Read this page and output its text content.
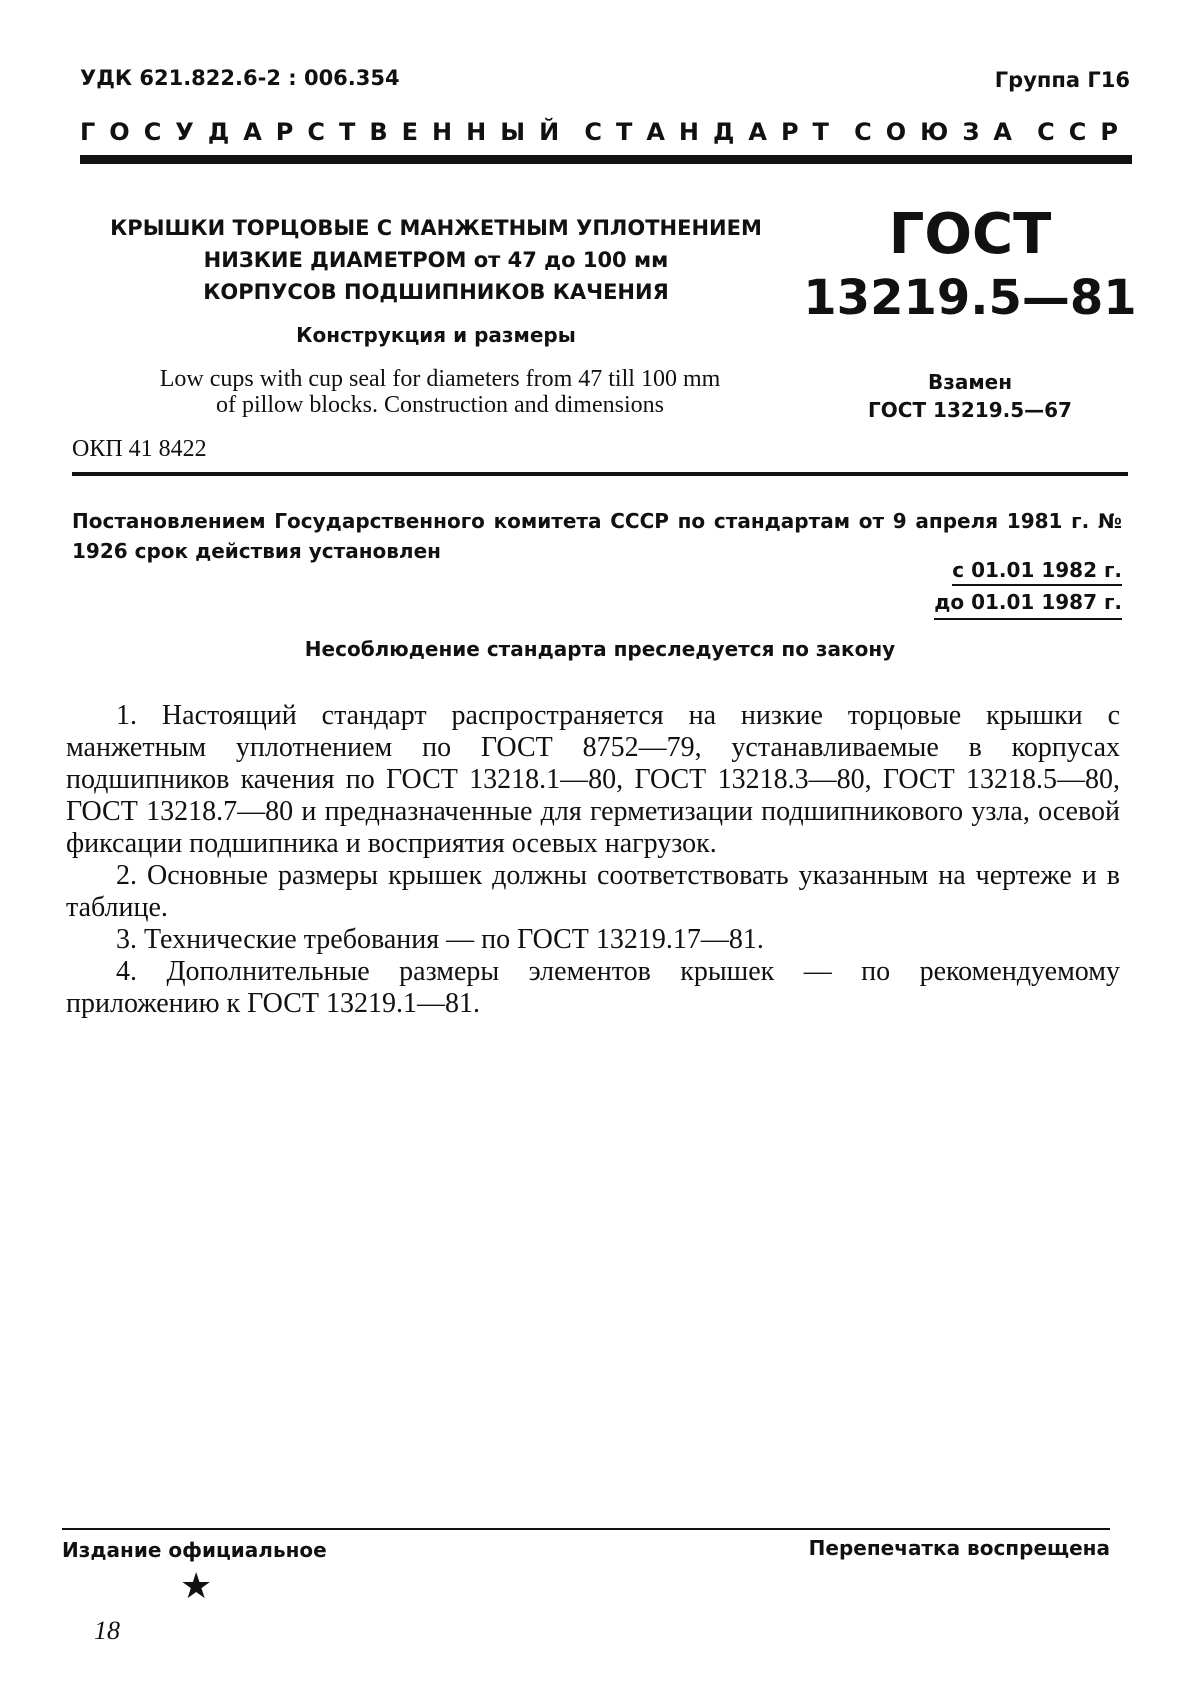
УДК 621.822.6-2 : 006.354	Группа Г16
ГОСУДАРСТВЕННЫЙ СТАНДАРТ СОЮЗА ССР
КРЫШКИ ТОРЦОВЫЕ С МАНЖЕТНЫМ УПЛОТНЕНИЕМ
НИЗКИЕ ДИАМЕТРОМ от 47 до 100 мм
КОРПУСОВ ПОДШИПНИКОВ КАЧЕНИЯ
Конструкция и размеры
Low cups with cup seal for diameters from 47 till 100 mm
of pillow blocks. Construction and dimensions
ГОСТ
13219.5—81
Взамен
ГОСТ 13219.5—67
ОКП 41 8422
Постановлением Государственного комитета СССР по стандартам от 9 апреля 1981 г. № 1926 срок действия установлен
с 01.01 1982 г.
до 01.01 1987 г.
Несоблюдение стандарта преследуется по закону

1. Настоящий стандарт распространяется на низкие торцовые крышки с манжетным уплотнением по ГОСТ 8752—79, устанавливаемые в корпусах подшипников качения по ГОСТ 13218.1—80, ГОСТ 13218.3—80, ГОСТ 13218.5—80, ГОСТ 13218.7—80 и предназначенные для герметизации подшипникового узла, осевой фиксации подшипника и восприятия осевых нагрузок.

2. Основные размеры крышек должны соответствовать указанным на чертеже и в таблице.

3. Технические требования — по ГОСТ 13219.17—81.

4. Дополнительные размеры элементов крышек — по рекомендуемому приложению к ГОСТ 13219.1—81.

Издание официальное	Перепечатка воспрещена
★
18
